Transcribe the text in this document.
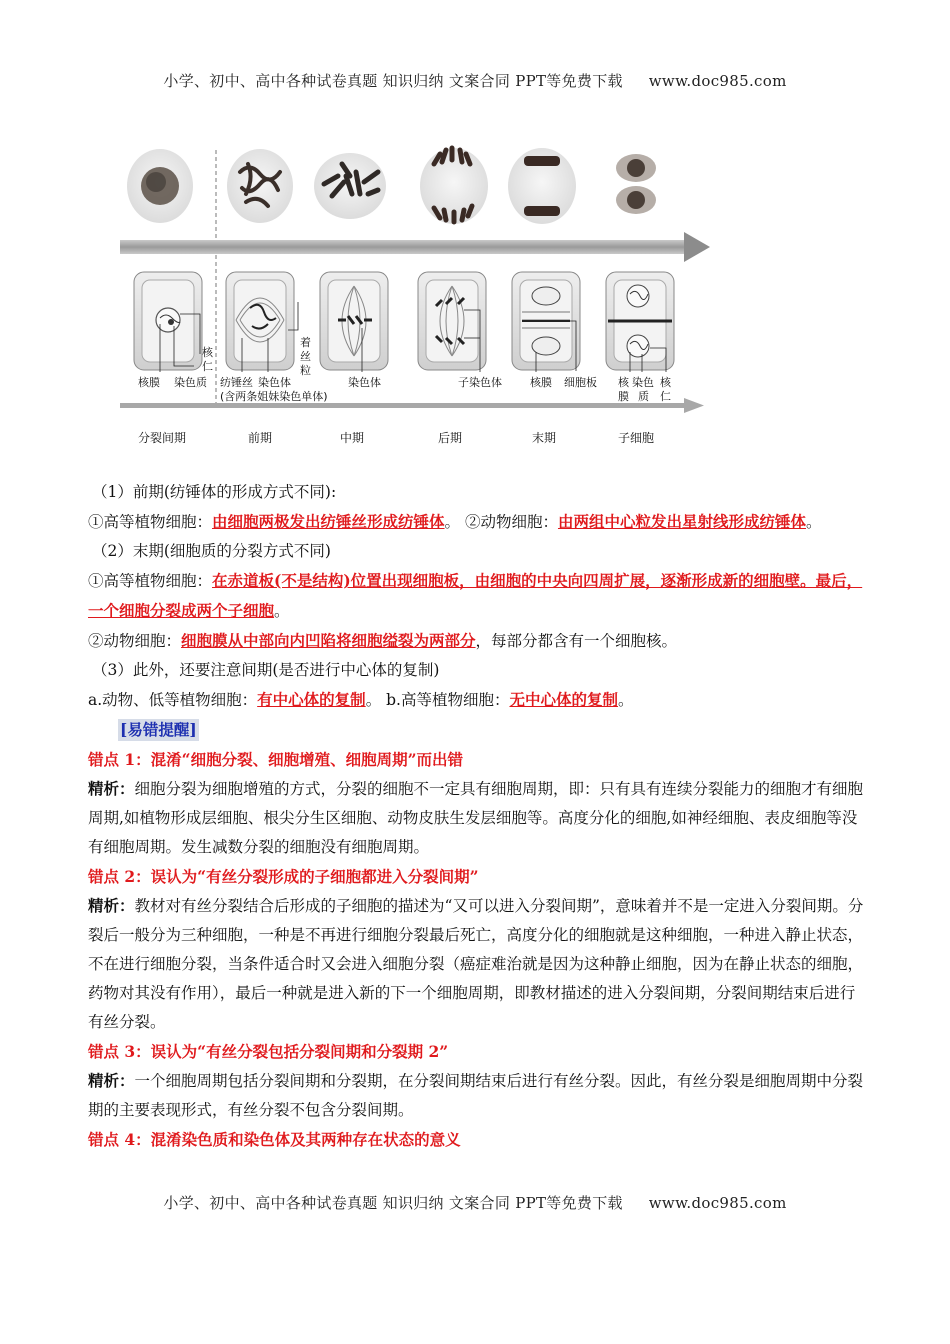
小学、初中、高中各种试卷真题 知识归纳 文案合同 PPT等免费下载 www.doc985.com
核膜 染色质
核
仁
纺锤丝 染色体
(含两条姐妹染色单体)
着
丝
粒
染色体	子染色体	核膜 细胞板 核
膜
染色
质
核
仁
分裂间期	前期	中期	后期	末期	子细胞

（1）前期(纺锤体的形成方式不同):

①高等植物细胞：由细胞两极发出纺锤丝形成纺锤体。 ②动物细胞：由两组中心粒发出星射线形成纺锤体。

（2）末期(细胞质的分裂方式不同)

①高等植物细胞：在赤道板(不是结构)位置出现细胞板，由细胞的中央向四周扩展，逐渐形成新的细胞壁。最后，一个细胞分裂成两个子细胞。

②动物细胞：细胞膜从中部向内凹陷将细胞缢裂为两部分，每部分都含有一个细胞核。

（3）此外，还要注意间期(是否进行中心体的复制)

a.动物、低等植物细胞：有中心体的复制。 b.高等植物细胞：无中心体的复制。

[易错提醒]

错点 1：混淆“细胞分裂、细胞增殖、细胞周期”而出错

精析：细胞分裂为细胞增殖的方式，分裂的细胞不一定具有细胞周期，即：只有具有连续分裂能力的细胞才有细胞周期,如植物形成层细胞、根尖分生区细胞、动物皮肤生发层细胞等。高度分化的细胞,如神经细胞、表皮细胞等没有细胞周期。发生减数分裂的细胞没有细胞周期。

错点 2：误认为“有丝分裂形成的子细胞都进入分裂间期”

精析：教材对有丝分裂结合后形成的子细胞的描述为“又可以进入分裂间期”，意味着并不是一定进入分裂间期。分裂后一般分为三种细胞，一种是不再进行细胞分裂最后死亡，高度分化的细胞就是这种细胞，一种进入静止状态，不在进行细胞分裂，当条件适合时又会进入细胞分裂（癌症难治就是因为这种静止细胞，因为在静止状态的细胞，药物对其没有作用），最后一种就是进入新的下一个细胞周期，即教材描述的进入分裂间期，分裂间期结束后进行有丝分裂。

错点 3：误认为“有丝分裂包括分裂间期和分裂期 2”

精析：一个细胞周期包括分裂间期和分裂期，在分裂间期结束后进行有丝分裂。因此，有丝分裂是细胞周期中分裂期的主要表现形式，有丝分裂不包含分裂间期。

错点 4：混淆染色质和染色体及其两种存在状态的意义

小学、初中、高中各种试卷真题 知识归纳 文案合同 PPT等免费下载 www.doc985.com
